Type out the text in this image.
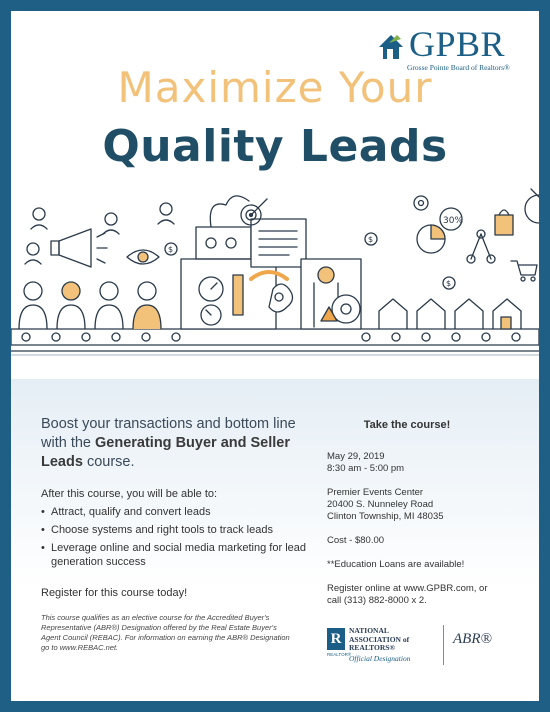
GPBR
Grosse Pointe Board of Realtors®
Maximize Your
Quality Leads
30%
$
$
$
Boost your transactions and bottom line with the Generating Buyer and Seller Leads course.
After this course, you will be able to:
• Attract, qualify and convert leads
• Choose systems and right tools to track leads
• Leverage online and social media marketing for lead generation success
Register for this course today!
This course qualifies as an elective course for the Accredited Buyer's Representative (ABR®) Designation offered by the Real Estate Buyer's Agent Council (REBAC). For information on earning the ABR® Designation go to www.REBAC.net.
Take the course!
May 29, 2019
8:30 am - 5:00 pm
Premier Events Center
20400 S. Nunneley Road
Clinton Township, MI 48035
Cost - $80.00
**Education Loans are available!
Register online at www.GPBR.com, or
call (313) 882-8000 x 2.
R
REALTOR®
NATIONAL
ASSOCIATION of
REALTORS®
Official Designation
ABR®
